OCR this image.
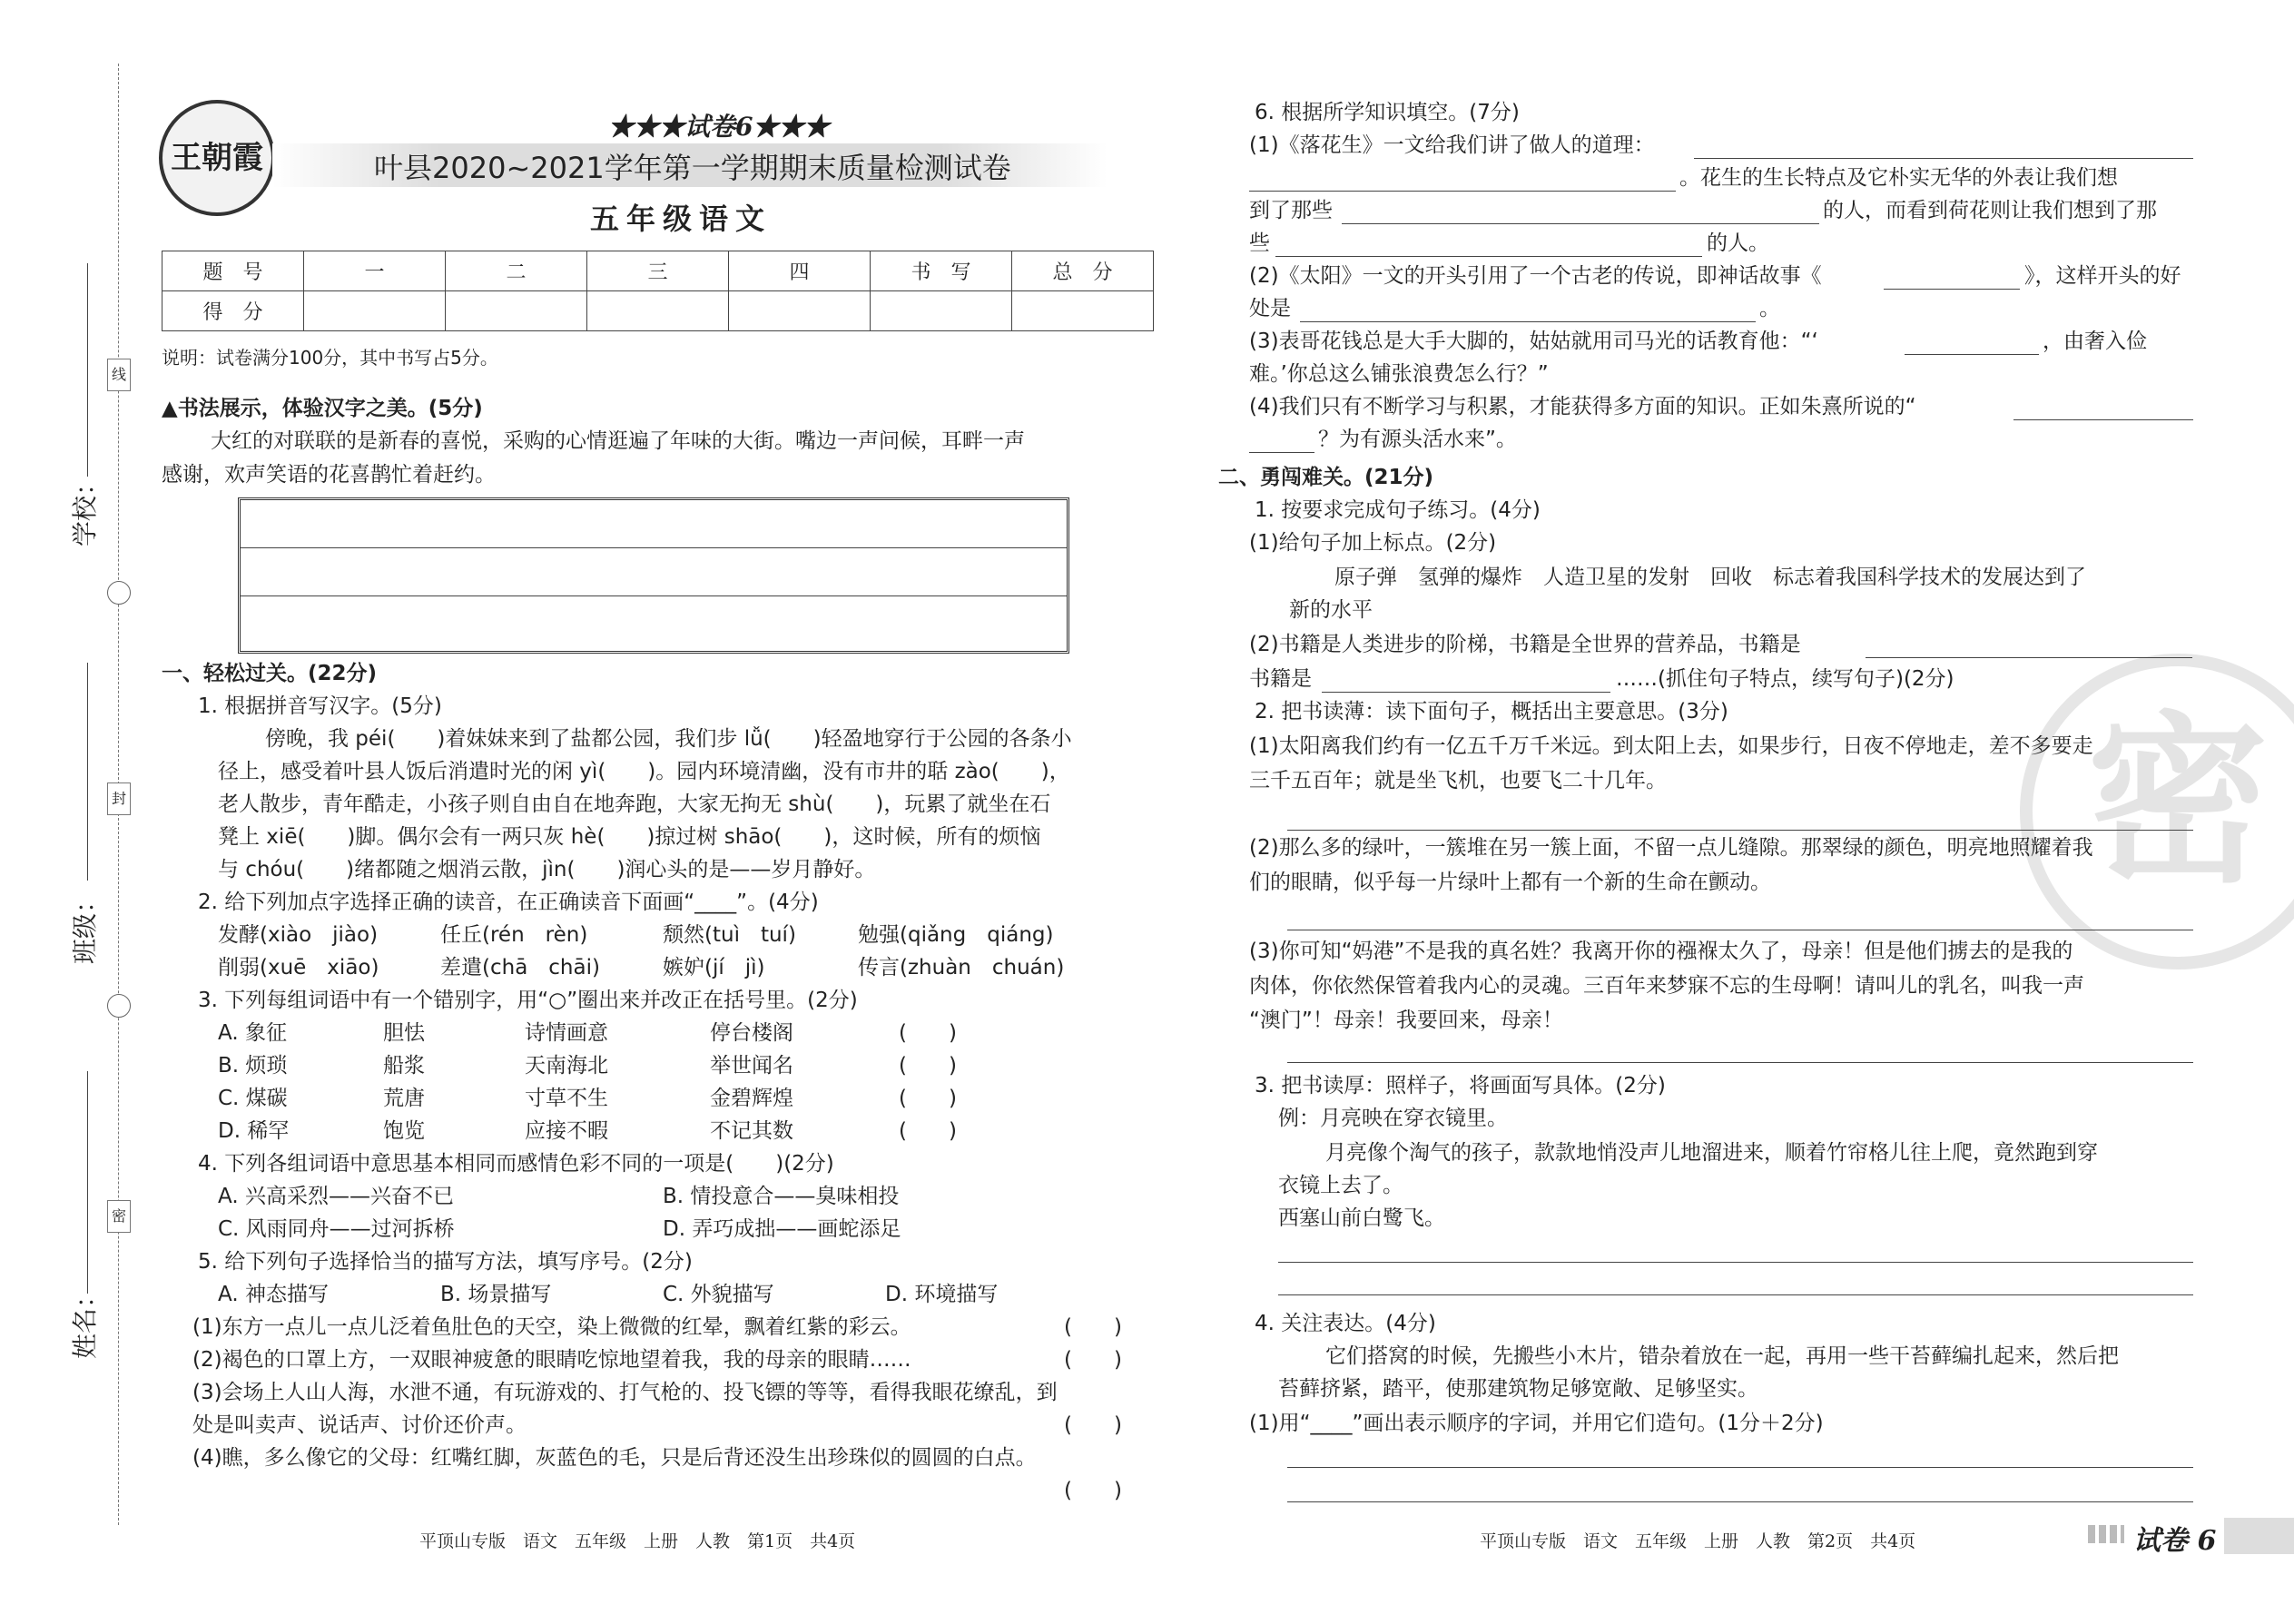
学校：
线
班级：
封
姓名：
密
王朝霞
★★★试卷6★★★
叶县2020~2021学年第一学期期末质量检测试卷
五年级语文
题　号	一	二	三	四	书　写	总　分
得　分						
说明：试卷满分100分，其中书写占5分。
▲书法展示，体验汉字之美。(5分)
大红的对联联的是新春的喜悦，采购的心情逛遍了年味的大街。嘴边一声问候，耳畔一声
感谢，欢声笑语的花喜鹊忙着赶约。
一、轻松过关。(22分)
1. 根据拼音写汉字。(5分)
傍晚，我 péi(　　)着妹妹来到了盐都公园，我们步 lǚ(　　)轻盈地穿行于公园的各条小
径上，感受着叶县人饭后消遣时光的闲 yì(　　)。园内环境清幽，没有市井的聒 zào(　　)，
老人散步，青年酷走，小孩子则自由自在地奔跑，大家无拘无 shù(　　)，玩累了就坐在石
凳上 xiē(　　)脚。偶尔会有一两只灰 hè(　　)掠过树 shāo(　　)，这时候，所有的烦恼
与 chóu(　　)绪都随之烟消云散，jìn(　　)润心头的是——岁月静好。
2. 给下列加点字选择正确的读音，在正确读音下面画“____”。(4分)
发酵(xiào　jiào)	任丘(rén　rèn)	颓然(tuì　tuí)	勉强(qiǎng　qiáng)
削弱(xuē　xiāo)	差遣(chā　chāi)	嫉妒(jí　jì)	传言(zhuàn　chuán)
3. 下列每组词语中有一个错别字，用“○”圈出来并改正在括号里。(2分)
A. 象征	胆怯	诗情画意	停台楼阁	(　　)
B. 烦琐	船浆	天南海北	举世闻名	(　　)
C. 煤碳	荒唐	寸草不生	金碧辉煌	(　　)
D. 稀罕	饱览	应接不暇	不记其数	(　　)
4. 下列各组词语中意思基本相同而感情色彩不同的一项是(　　)(2分)
A. 兴高采烈——兴奋不已	B. 情投意合——臭味相投
C. 风雨同舟——过河拆桥	D. 弄巧成拙——画蛇添足
5. 给下列句子选择恰当的描写方法，填写序号。(2分)
A. 神态描写	B. 场景描写	C. 外貌描写	D. 环境描写
(1)东方一点儿一点儿泛着鱼肚色的天空，染上微微的红晕，飘着红紫的彩云。	(　　)
(2)褐色的口罩上方，一双眼神疲惫的眼睛吃惊地望着我，我的母亲的眼睛……	(　　)
(3)会场上人山人海，水泄不通，有玩游戏的、打气枪的、投飞镖的等等，看得我眼花缭乱，到
处是叫卖声、说话声、讨价还价声。	(　　)
(4)瞧，多么像它的父母：红嘴红脚，灰蓝色的毛，只是后背还没生出珍珠似的圆圆的白点。
(　　)
平顶山专版　语文　五年级　上册　人教　第1页　共4页
密
6. 根据所学知识填空。(7分)
(1)《落花生》一文给我们讲了做人的道理：
。花生的生长特点及它朴实无华的外表让我们想
到了那些	的人，而看到荷花则让我们想到了那
些	的人。
(2)《太阳》一文的开头引用了一个古老的传说，即神话故事《	》，这样开头的好
处是	。
(3)表哥花钱总是大手大脚的，姑姑就用司马光的话教育他：“‘	，由奢入俭
难。’你总这么铺张浪费怎么行？”
(4)我们只有不断学习与积累，才能获得多方面的知识。正如朱熹所说的“
？为有源头活水来”。
二、勇闯难关。(21分)
1. 按要求完成句子练习。(4分)
(1)给句子加上标点。(2分)
原子弹　氢弹的爆炸　人造卫星的发射　回收　标志着我国科学技术的发展达到了
新的水平
(2)书籍是人类进步的阶梯，书籍是全世界的营养品，书籍是
书籍是	……(抓住句子特点，续写句子)(2分)
2. 把书读薄：读下面句子，概括出主要意思。(3分)
(1)太阳离我们约有一亿五千万千米远。到太阳上去，如果步行，日夜不停地走，差不多要走
三千五百年；就是坐飞机，也要飞二十几年。
(2)那么多的绿叶，一簇堆在另一簇上面，不留一点儿缝隙。那翠绿的颜色，明亮地照耀着我
们的眼睛，似乎每一片绿叶上都有一个新的生命在颤动。
(3)你可知“妈港”不是我的真名姓？我离开你的襁褓太久了，母亲！但是他们掳去的是我的
肉体，你依然保管着我内心的灵魂。三百年来梦寐不忘的生母啊！请叫儿的乳名，叫我一声
“澳门”！母亲！我要回来，母亲！
3. 把书读厚：照样子，将画面写具体。(2分)
例：月亮映在穿衣镜里。
月亮像个淘气的孩子，款款地悄没声儿地溜进来，顺着竹帘格儿往上爬，竟然跑到穿
衣镜上去了。
西塞山前白鹭飞。
4. 关注表达。(4分)
它们搭窝的时候，先搬些小木片，错杂着放在一起，再用一些干苔藓编扎起来，然后把
苔藓挤紧，踏平，使那建筑物足够宽敞、足够坚实。
(1)用“____”画出表示顺序的字词，并用它们造句。(1分＋2分)
平顶山专版　语文　五年级　上册　人教　第2页　共4页	试卷 6
